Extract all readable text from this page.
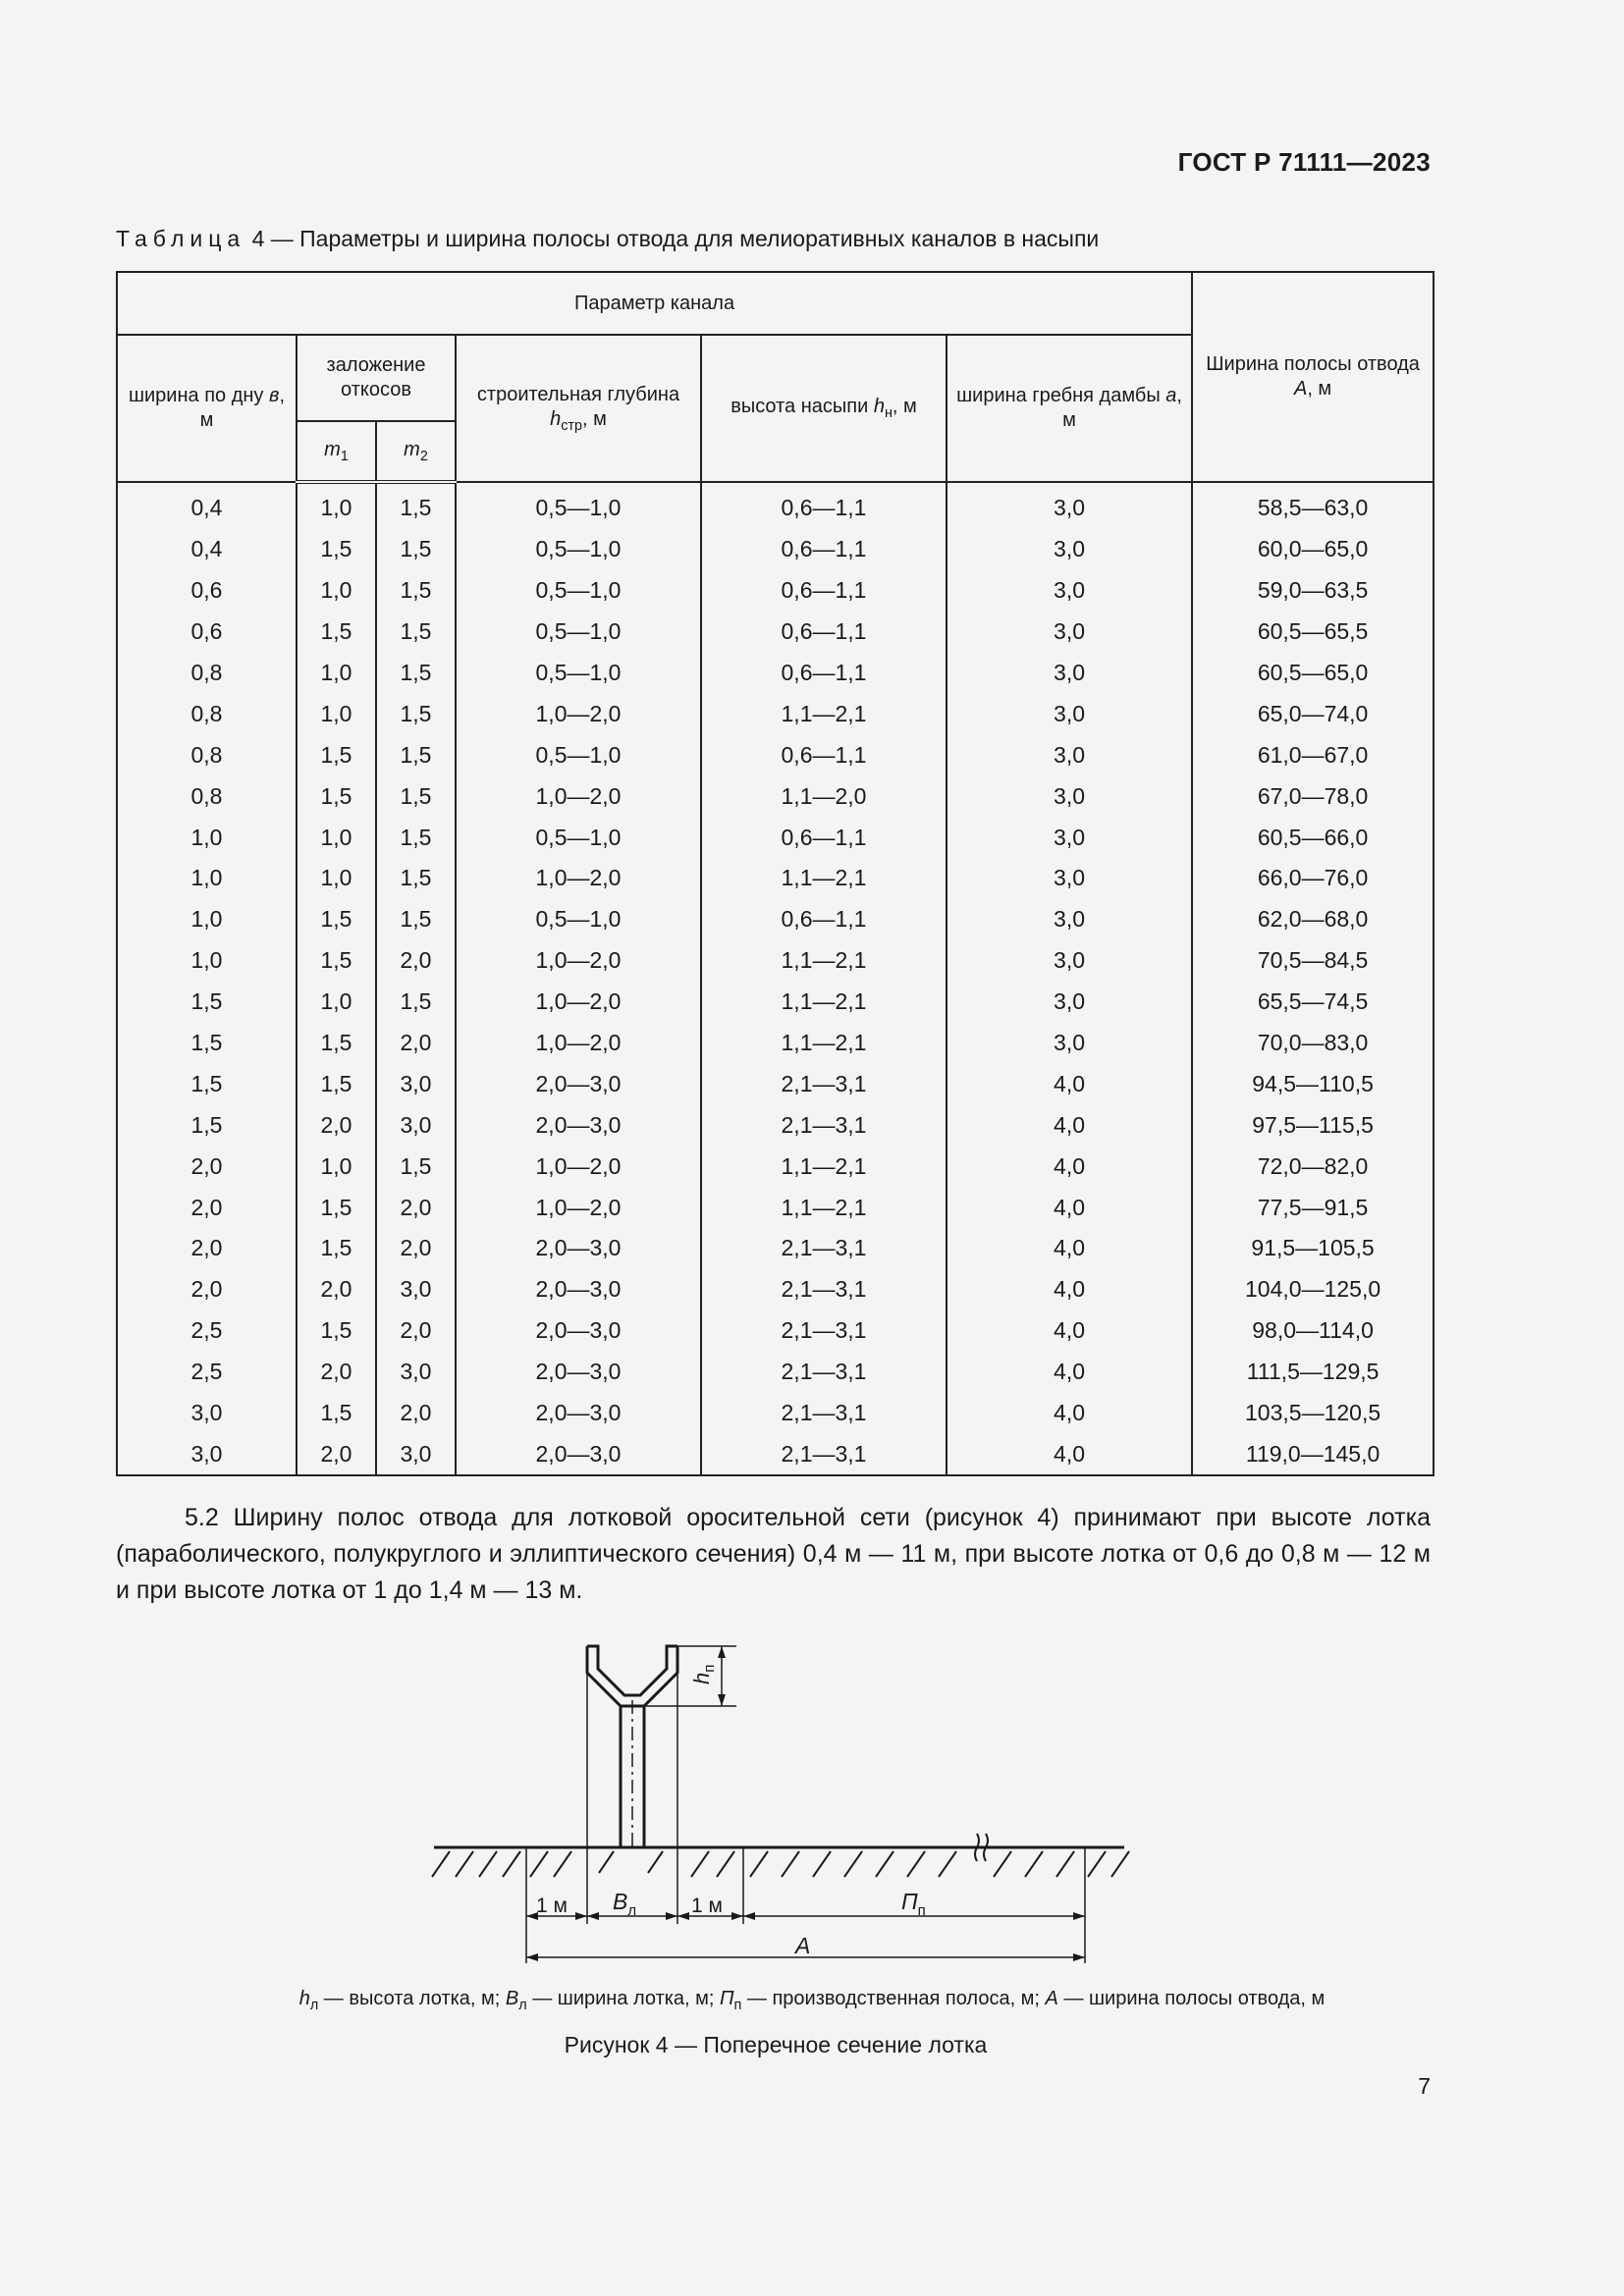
ГОСТ Р 71111—2023
Таблица 4 — Параметры и ширина полосы отвода для мелиоративных каналов в насыпи
Параметр канала						Ширина полосы отвода A, м
ширина по дну в, м	заложение откосов		строительная глубина $h_{стр}$, м	высота насыпи $h_н$, м	ширина гребня дамбы a, м	
	$m_1$	$m_2$
0,4	1,0	1,5	0,5—1,0	0,6—1,1	3,0	58,5—63,0
0,4	1,5	1,5	0,5—1,0	0,6—1,1	3,0	60,0—65,0
0,6	1,0	1,5	0,5—1,0	0,6—1,1	3,0	59,0—63,5
0,6	1,5	1,5	0,5—1,0	0,6—1,1	3,0	60,5—65,5
0,8	1,0	1,5	0,5—1,0	0,6—1,1	3,0	60,5—65,0
0,8	1,0	1,5	1,0—2,0	1,1—2,1	3,0	65,0—74,0
0,8	1,5	1,5	0,5—1,0	0,6—1,1	3,0	61,0—67,0
0,8	1,5	1,5	1,0—2,0	1,1—2,0	3,0	67,0—78,0
1,0	1,0	1,5	0,5—1,0	0,6—1,1	3,0	60,5—66,0
1,0	1,0	1,5	1,0—2,0	1,1—2,1	3,0	66,0—76,0
1,0	1,5	1,5	0,5—1,0	0,6—1,1	3,0	62,0—68,0
1,0	1,5	2,0	1,0—2,0	1,1—2,1	3,0	70,5—84,5
1,5	1,0	1,5	1,0—2,0	1,1—2,1	3,0	65,5—74,5
1,5	1,5	2,0	1,0—2,0	1,1—2,1	3,0	70,0—83,0
1,5	1,5	3,0	2,0—3,0	2,1—3,1	4,0	94,5—110,5
1,5	2,0	3,0	2,0—3,0	2,1—3,1	4,0	97,5—115,5
2,0	1,0	1,5	1,0—2,0	1,1—2,1	4,0	72,0—82,0
2,0	1,5	2,0	1,0—2,0	1,1—2,1	4,0	77,5—91,5
2,0	1,5	2,0	2,0—3,0	2,1—3,1	4,0	91,5—105,5
2,0	2,0	3,0	2,0—3,0	2,1—3,1	4,0	104,0—125,0
2,5	1,5	2,0	2,0—3,0	2,1—3,1	4,0	98,0—114,0
2,5	2,0	3,0	2,0—3,0	2,1—3,1	4,0	111,5—129,5
3,0	1,5	2,0	2,0—3,0	2,1—3,1	4,0	103,5—120,5
3,0	2,0	3,0	2,0—3,0	2,1—3,1	4,0	119,0—145,0
5.2 Ширину полос отвода для лотковой оросительной сети (рисунок 4) принимают при высоте лотка (параболического, полукруглого и эллиптического сечения) 0,4 м — 11 м, при высоте лотка от 0,6 до 0,8 м — 12 м и при высоте лотка от 1 до 1,4 м — 13 м.
$h_п$
1 м $B_л$	1 м	$П_п$
A
$h_л$ — высота лотка, м; $B_л$ — ширина лотка, м; $П_п$ — производственная полоса, м; A — ширина полосы отвода, м
Рисунок 4 — Поперечное сечение лотка
7
